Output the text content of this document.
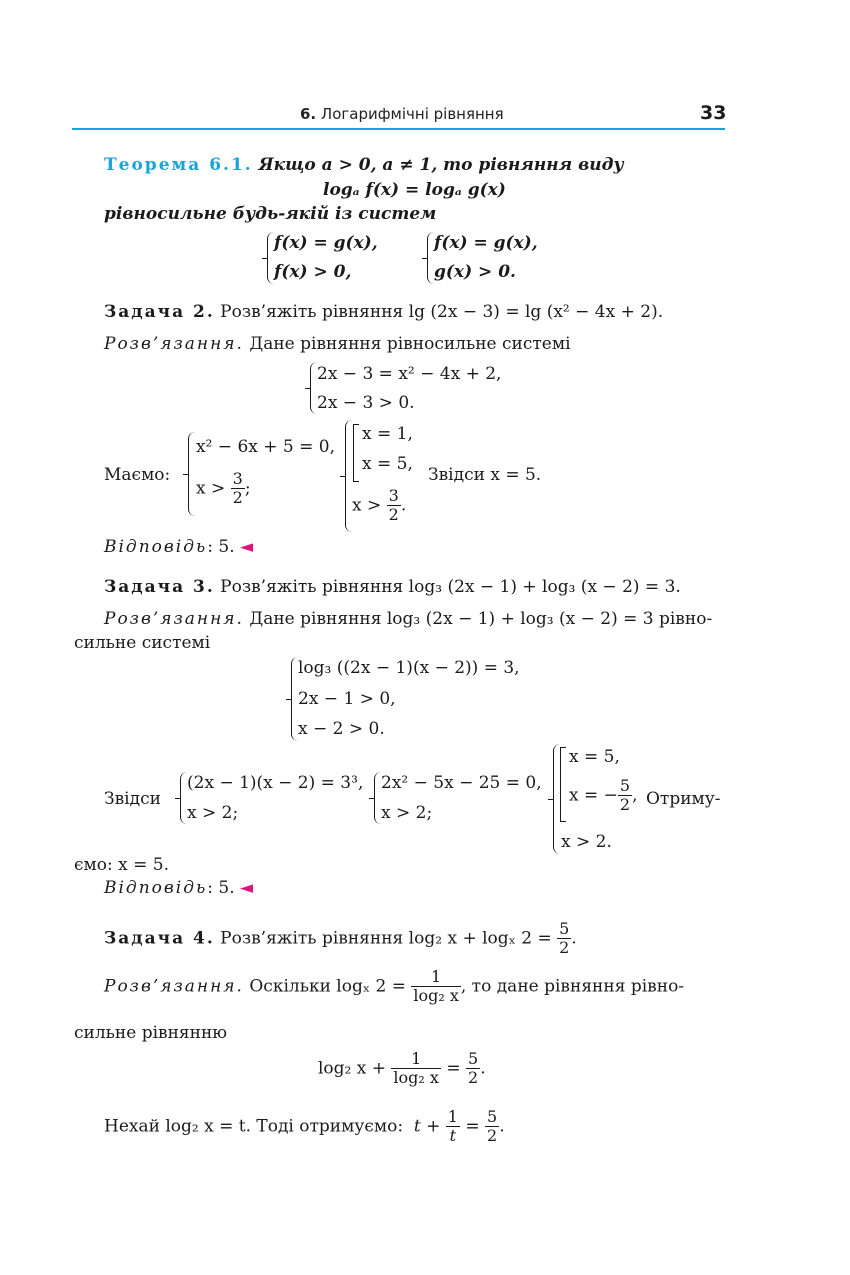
6. Логарифмічні рівняння	33
Теорема 6.1. Якщо a > 0, a ≠ 1, то рівняння виду
logₐ f(x) = logₐ g(x)
рівносильне будь-якій із систем
f(x) = g(x),
f(x) > 0,
f(x) = g(x),
g(x) > 0.
Задача 2. Розв’яжіть рівняння lg (2x − 3) = lg (x² − 4x + 2).
Розв’язання. Дане рівняння рівносильне системі
2x − 3 = x² − 4x + 2,
2x − 3 > 0.
Маємо:
x² − 6x + 5 = 0,
$x > \frac{3}{2}$ ;
x = 1,
x = 5,
$x > \frac{3}{2}$ .
Звідси x = 5.
Відповідь: 5. ◄
Задача 3. Розв’яжіть рівняння log₃ (2x − 1) + log₃ (x − 2) = 3.
Розв’язання. Дане рівняння log₃ (2x − 1) + log₃ (x − 2) = 3 рівно-
сильне системі
log₃ ((2x − 1)(x − 2)) = 3,
2x − 1 > 0,
x − 2 > 0.
Звідси
(2x − 1)(x − 2) = 3³,
x > 2;
2x² − 5x − 25 = 0,
x > 2;
x = 5,
x = − $\frac{5}{2}$ ,
x > 2.
Отриму-
ємо: x = 5.
Відповідь: 5. ◄
Задача 4. Розв’яжіть рівняння log₂ x + logₓ $2 = \frac{5}{2}$ .
Розв’язання. Оскільки logₓ $2 = \frac{1}{\text{log₂ x}}$ , то дане рівняння рівно-
сильне рівнянню
log₂ $x + \frac{1}{\text{log₂ x}} = \frac{5}{2}$ .
Нехай log₂ x = t. Тоді отримуємо: $t + \frac{1}{t} = \frac{5}{2}$ .
